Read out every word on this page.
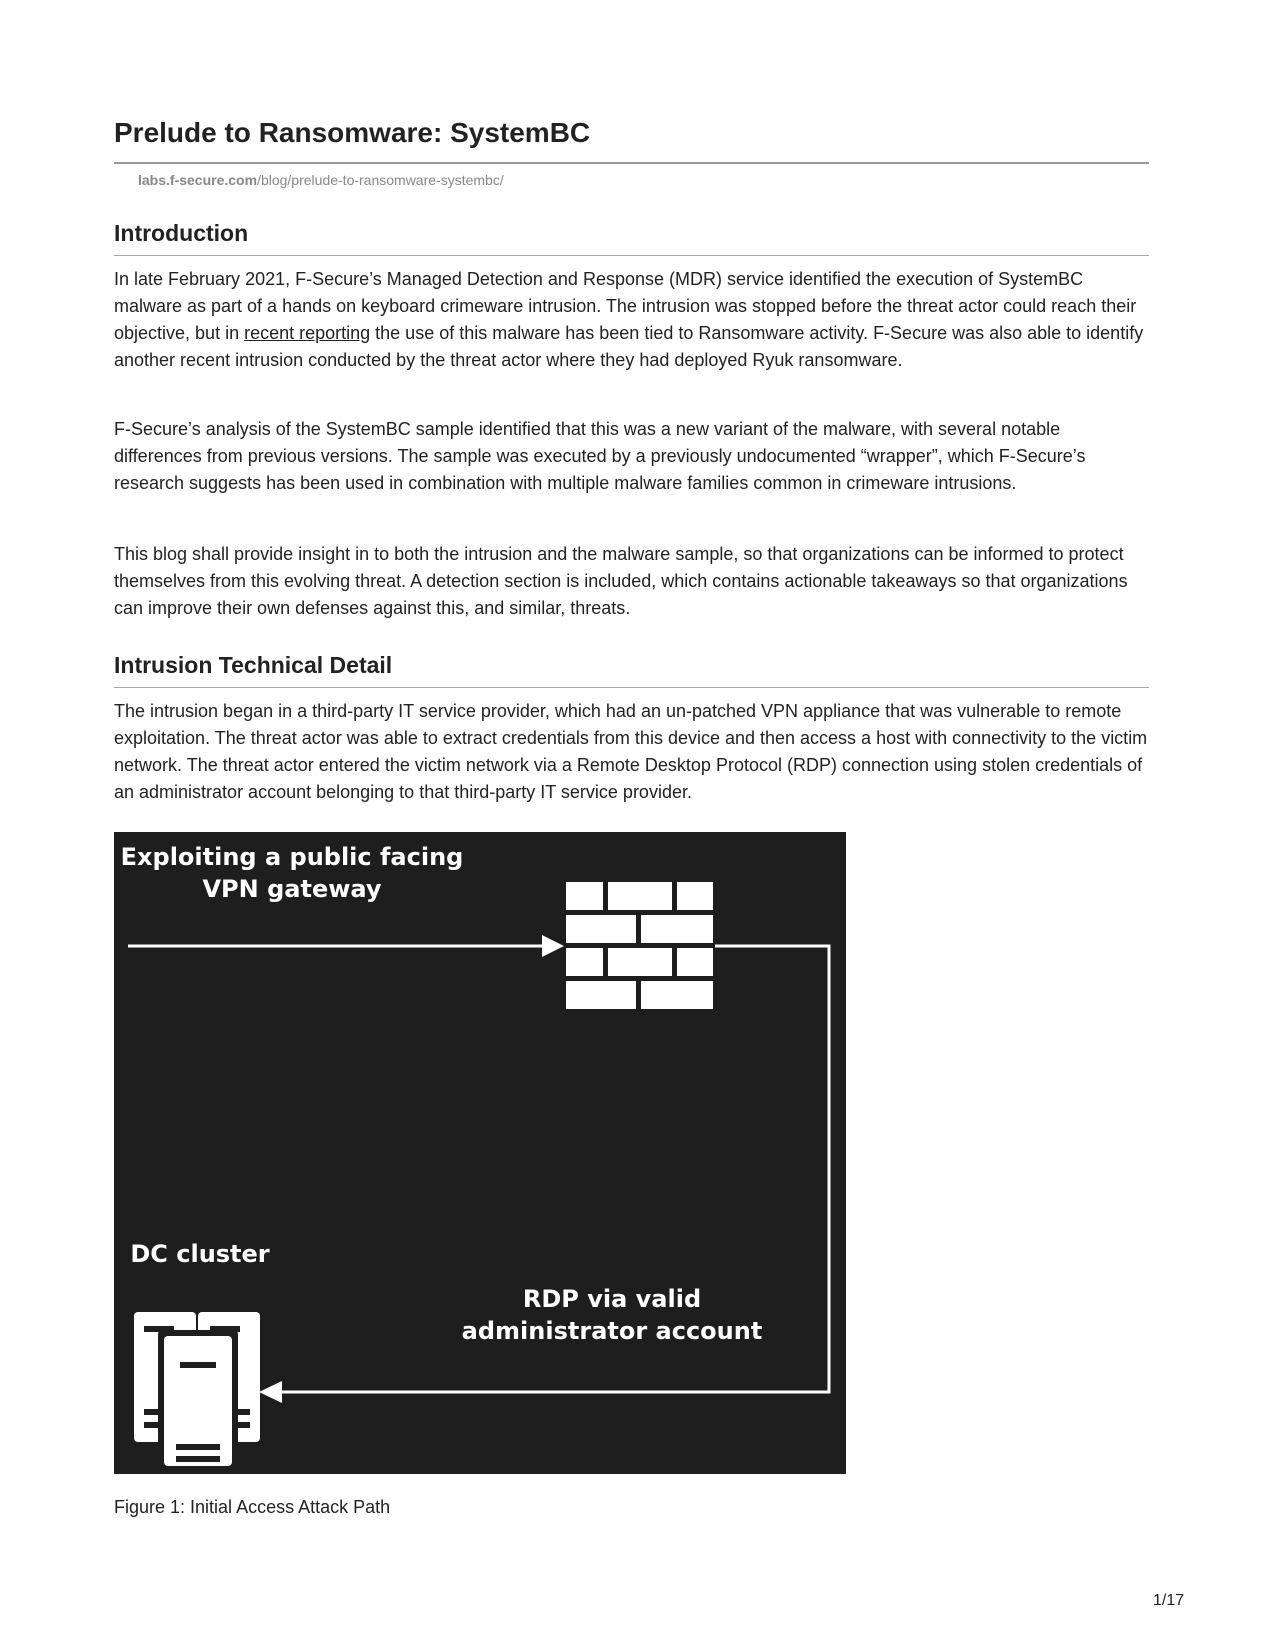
Prelude to Ransomware: SystemBC
labs.f-secure.com/blog/prelude-to-ransomware-systembc/
Introduction

In late February 2021, F-Secure’s Managed Detection and Response (MDR) service identified the execution of SystemBC malware as part of a hands on keyboard crimeware intrusion. The intrusion was stopped before the threat actor could reach their objective, but in recent reporting the use of this malware has been tied to Ransomware activity. F-Secure was also able to identify another recent intrusion conducted by the threat actor where they had deployed Ryuk ransomware.

F-Secure’s analysis of the SystemBC sample identified that this was a new variant of the malware, with several notable differences from previous versions. The sample was executed by a previously undocumented “wrapper”, which F-Secure’s research suggests has been used in combination with multiple malware families common in crimeware intrusions.

This blog shall provide insight in to both the intrusion and the malware sample, so that organizations can be informed to protect themselves from this evolving threat. A detection section is included, which contains actionable takeaways so that organizations can improve their own defenses against this, and similar, threats.

Intrusion Technical Detail

The intrusion began in a third-party IT service provider, which had an un-patched VPN appliance that was vulnerable to remote exploitation. The threat actor was able to extract credentials from this device and then access a host with connectivity to the victim network. The threat actor entered the victim network via a Remote Desktop Protocol (RDP) connection using stolen credentials of an administrator account belonging to that third-party IT service provider.

Exploiting a public facing
VPN gateway
DC cluster
RDP via valid
administrator account

Figure 1: Initial Access Attack Path

1/17
